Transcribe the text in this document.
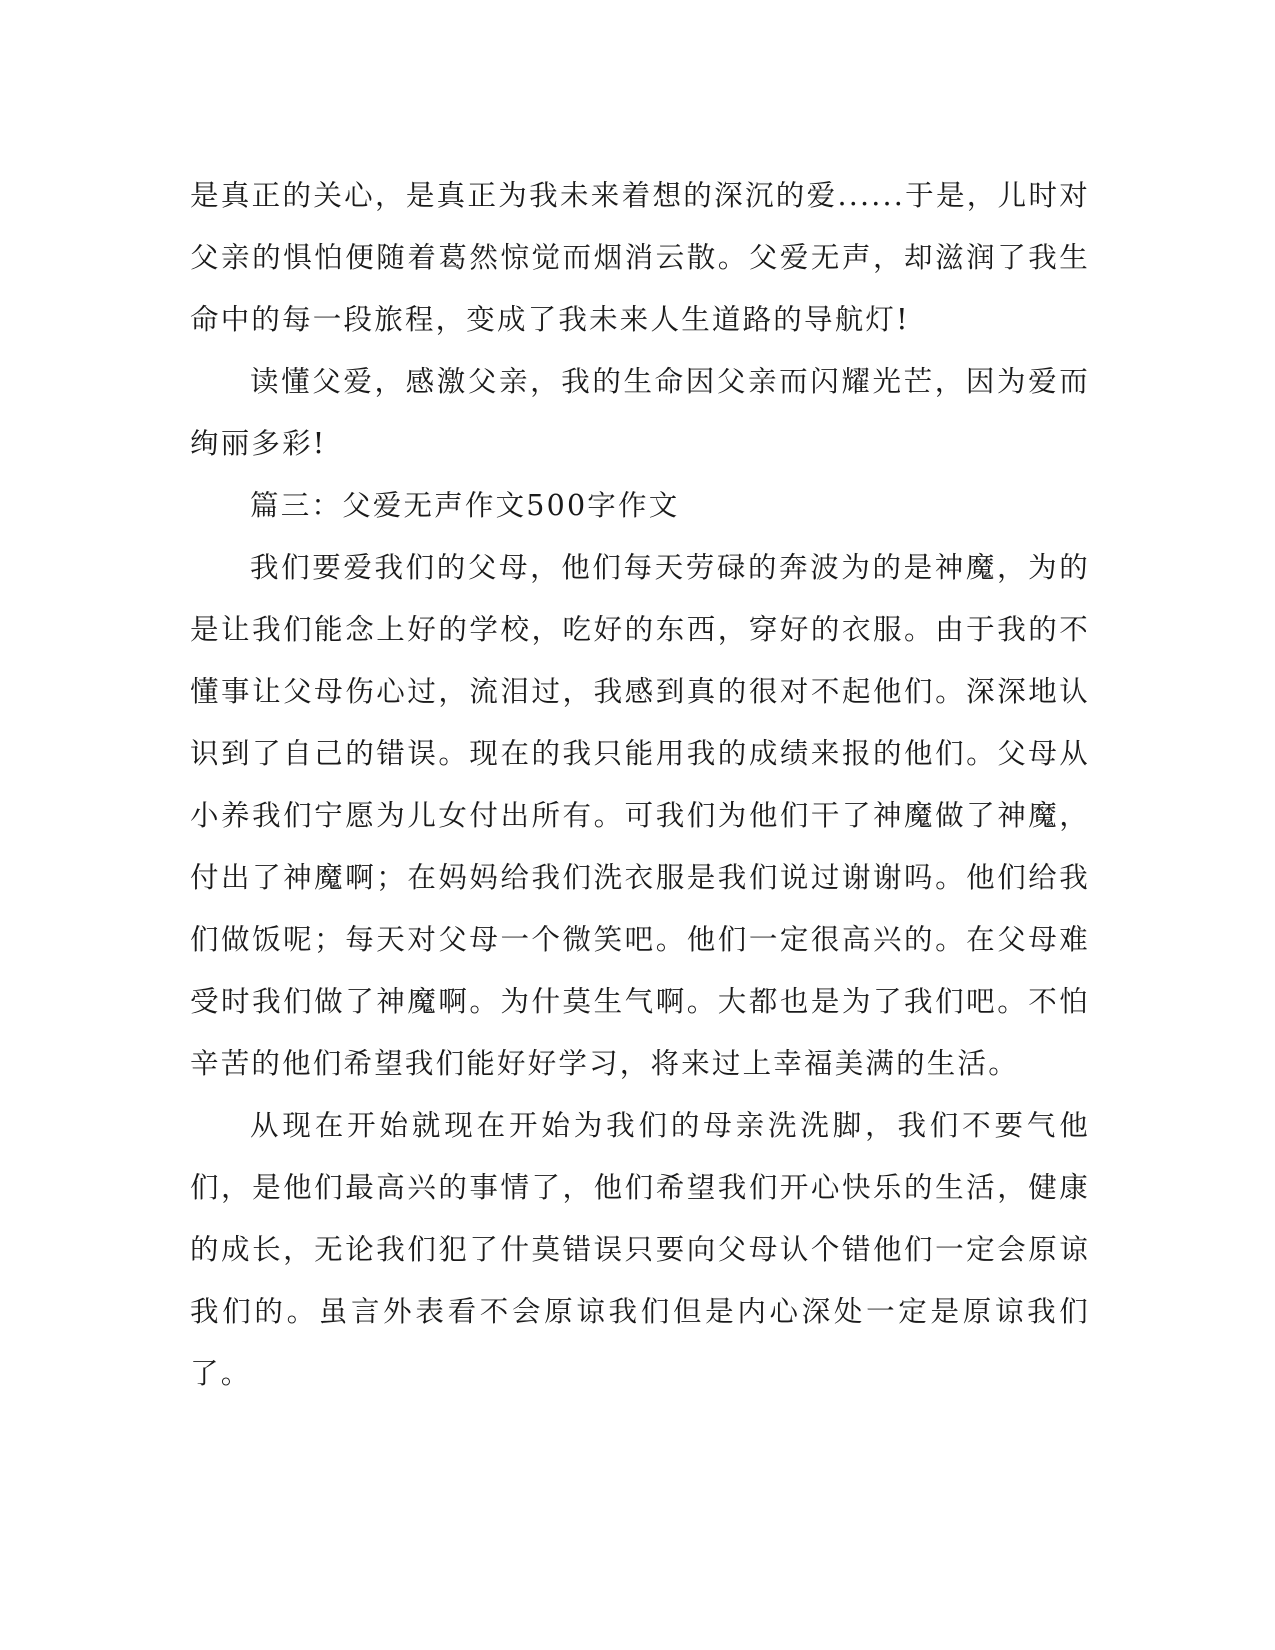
是真正的关心，是真正为我未来着想的深沉的爱......于是，儿时对父亲的惧怕便随着葛然惊觉而烟消云散。父爱无声，却滋润了我生命中的每一段旅程，变成了我未来人生道路的导航灯!

读懂父爱，感激父亲，我的生命因父亲而闪耀光芒，因为爱而绚丽多彩!

篇三：父爱无声作文500字作文

我们要爱我们的父母，他们每天劳碌的奔波为的是神魔，为的是让我们能念上好的学校，吃好的东西，穿好的衣服。由于我的不懂事让父母伤心过，流泪过，我感到真的很对不起他们。深深地认识到了自己的错误。现在的我只能用我的成绩来报的他们。父母从小养我们宁愿为儿女付出所有。可我们为他们干了神魔做了神魔，付出了神魔啊；在妈妈给我们洗衣服是我们说过谢谢吗。他们给我们做饭呢；每天对父母一个微笑吧。他们一定很高兴的。在父母难受时我们做了神魔啊。为什莫生气啊。大都也是为了我们吧。不怕辛苦的他们希望我们能好好学习，将来过上幸福美满的生活。

从现在开始就现在开始为我们的母亲洗洗脚，我们不要气他们，是他们最高兴的事情了，他们希望我们开心快乐的生活，健康的成长，无论我们犯了什莫错误只要向父母认个错他们一定会原谅我们的。虽言外表看不会原谅我们但是内心深处一定是原谅我们了。
